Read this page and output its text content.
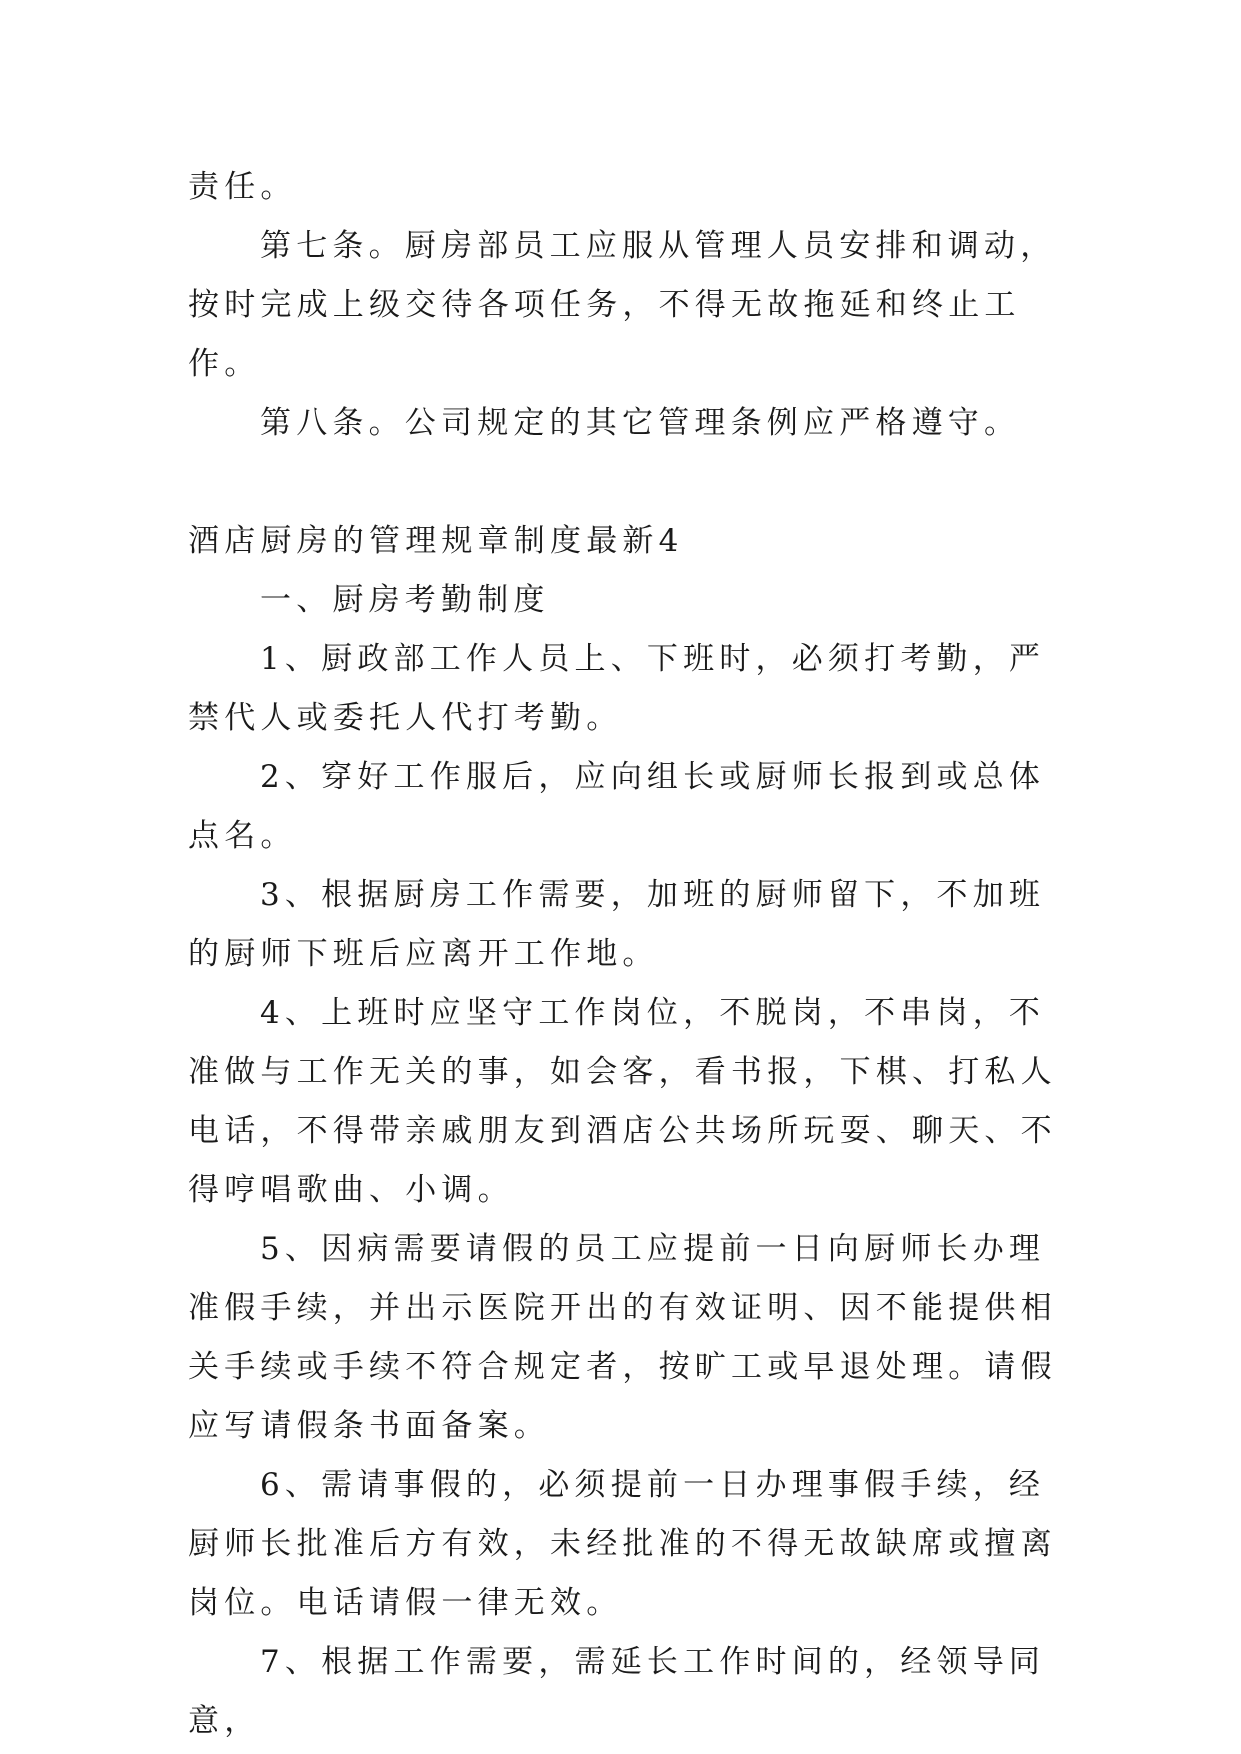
责任。

第七条。厨房部员工应服从管理人员安排和调动，按时完成上级交待各项任务，不得无故拖延和终止工作。

第八条。公司规定的其它管理条例应严格遵守。

酒店厨房的管理规章制度最新4

一、厨房考勤制度

1、厨政部工作人员上、下班时，必须打考勤，严禁代人或委托人代打考勤。

2、穿好工作服后，应向组长或厨师长报到或总体点名。

3、根据厨房工作需要，加班的厨师留下，不加班的厨师下班后应离开工作地。

4、上班时应坚守工作岗位，不脱岗，不串岗，不准做与工作无关的事，如会客，看书报，下棋、打私人电话，不得带亲戚朋友到酒店公共场所玩耍、聊天、不得哼唱歌曲、小调。

5、因病需要请假的员工应提前一日向厨师长办理准假手续，并出示医院开出的有效证明、因不能提供相关手续或手续不符合规定者，按旷工或早退处理。请假应写请假条书面备案。

6、需请事假的，必须提前一日办理事假手续，经厨师长批准后方有效，未经批准的不得无故缺席或擅离岗位。电话请假一律无效。

7、根据工作需要，需延长工作时间的，经领导同意，
